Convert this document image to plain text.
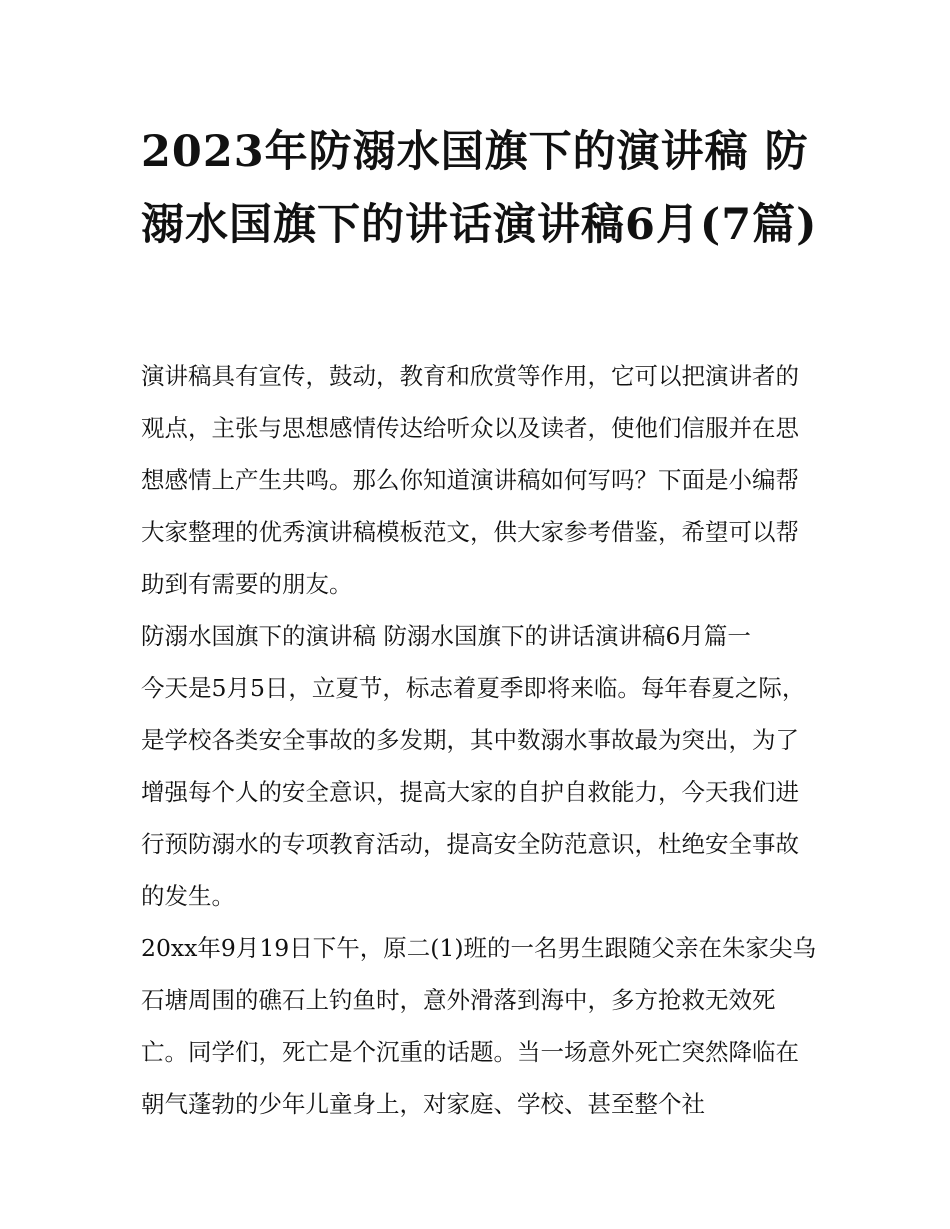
2023年防溺水国旗下的演讲稿 防溺水国旗下的讲话演讲稿6月(7篇)

演讲稿具有宣传，鼓动，教育和欣赏等作用，它可以把演讲者的观点，主张与思想感情传达给听众以及读者，使他们信服并在思想感情上产生共鸣。那么你知道演讲稿如何写吗？下面是小编帮大家整理的优秀演讲稿模板范文，供大家参考借鉴，希望可以帮助到有需要的朋友。

防溺水国旗下的演讲稿 防溺水国旗下的讲话演讲稿6月篇一

今天是5月5日，立夏节，标志着夏季即将来临。每年春夏之际，是学校各类安全事故的多发期，其中数溺水事故最为突出，为了增强每个人的安全意识，提高大家的自护自救能力，今天我们进行预防溺水的专项教育活动，提高安全防范意识，杜绝安全事故的发生。

20xx年9月19日下午，原二(1)班的一名男生跟随父亲在朱家尖乌石塘周围的礁石上钓鱼时，意外滑落到海中，多方抢救无效死亡。同学们，死亡是个沉重的话题。当一场意外死亡突然降临在朝气蓬勃的少年儿童身上，对家庭、学校、甚至整个社
